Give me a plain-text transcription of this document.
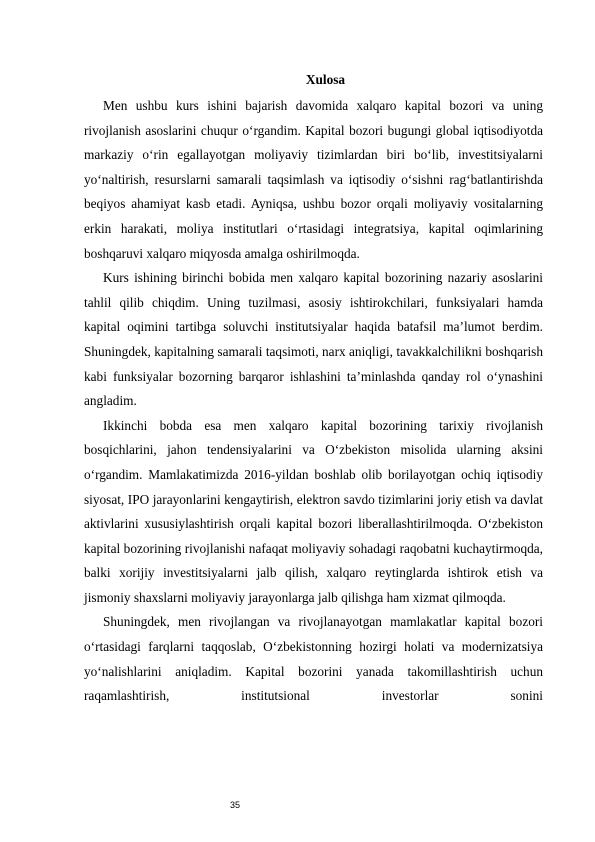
Xulosa

Men ushbu kurs ishini bajarish davomida xalqaro kapital bozori va uning rivojlanish asoslarini chuqur o‘rgandim. Kapital bozori bugungi global iqtisodiyotda markaziy o‘rin egallayotgan moliyaviy tizimlardan biri bo‘lib, investitsiyalarni yo‘naltirish, resurslarni samarali taqsimlash va iqtisodiy o‘sishni rag‘batlantirishda beqiyos ahamiyat kasb etadi. Ayniqsa, ushbu bozor orqali moliyaviy vositalarning erkin harakati, moliya institutlari o‘rtasidagi integratsiya, kapital oqimlarining boshqaruvi xalqaro miqyosda amalga oshirilmoqda.

Kurs ishining birinchi bobida men xalqaro kapital bozorining nazariy asoslarini tahlil qilib chiqdim. Uning tuzilmasi, asosiy ishtirokchilari, funksiyalari hamda kapital oqimini tartibga soluvchi institutsiyalar haqida batafsil ma’lumot berdim. Shuningdek, kapitalning samarali taqsimoti, narx aniqligi, tavakkalchilikni boshqarish kabi funksiyalar bozorning barqaror ishlashini ta’minlashda qanday rol o‘ynashini angladim.

Ikkinchi bobda esa men xalqaro kapital bozorining tarixiy rivojlanish bosqichlarini, jahon tendensiyalarini va O‘zbekiston misolida ularning aksini o‘rgandim. Mamlakatimizda 2016-yildan boshlab olib borilayotgan ochiq iqtisodiy siyosat, IPO jarayonlarini kengaytirish, elektron savdo tizimlarini joriy etish va davlat aktivlarini xususiylashtirish orqali kapital bozori liberallashtirilmoqda. O‘zbekiston kapital bozorining rivojlanishi nafaqat moliyaviy sohadagi raqobatni kuchaytirmoqda, balki xorijiy investitsiyalarni jalb qilish, xalqaro reytinglarda ishtirok etish va jismoniy shaxslarni moliyaviy jarayonlarga jalb qilishga ham xizmat qilmoqda.

Shuningdek, men rivojlangan va rivojlanayotgan mamlakatlar kapital bozori o‘rtasidagi farqlarni taqqoslab, O‘zbekistonning hozirgi holati va modernizatsiya yo‘nalishlarini aniqladim. Kapital bozorini yanada takomillashtirish uchun raqamlashtirish, institutsional investorlar sonini

35
